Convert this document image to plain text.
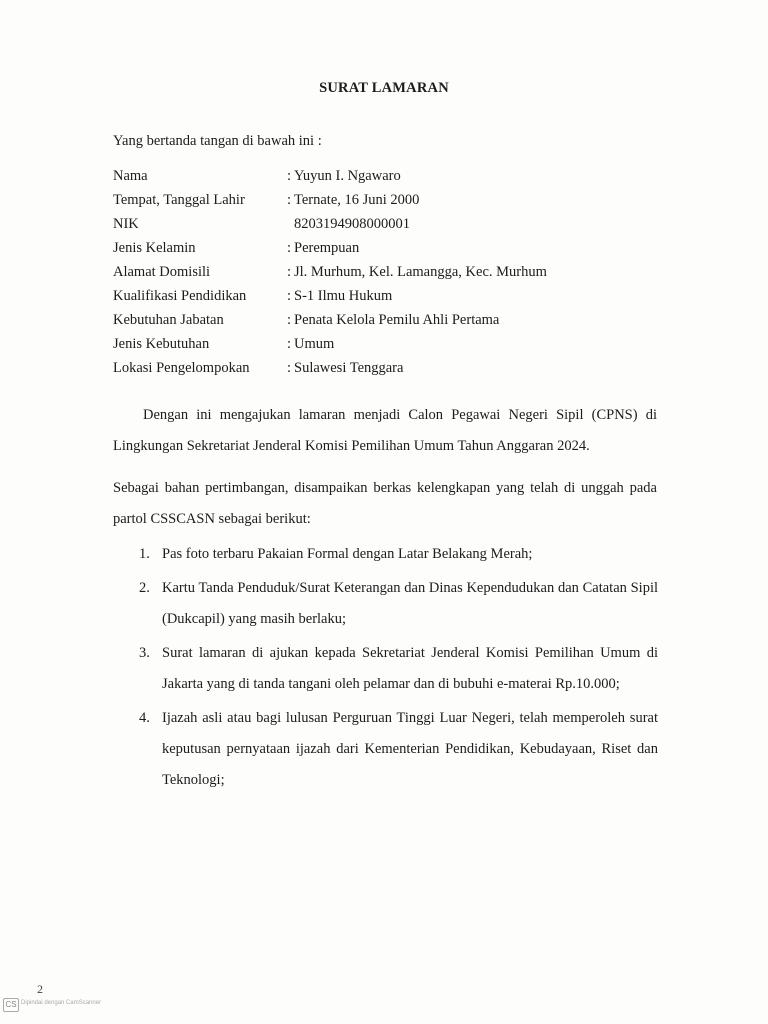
SURAT LAMARAN
Yang bertanda tangan di bawah ini :
Nama	: Yuyun I. Ngawaro
Tempat, Tanggal Lahir	: Ternate, 16 Juni 2000
NIK	8203194908000001
Jenis Kelamin	: Perempuan
Alamat Domisili	: Jl. Murhum, Kel. Lamangga, Kec. Murhum
Kualifikasi Pendidikan	: S-1 Ilmu Hukum
Kebutuhan Jabatan	: Penata Kelola Pemilu Ahli Pertama
Jenis Kebutuhan	: Umum
Lokasi Pengelompokan	: Sulawesi Tenggara
Dengan ini mengajukan lamaran menjadi Calon Pegawai Negeri Sipil (CPNS) di Lingkungan Sekretariat Jenderal Komisi Pemilihan Umum Tahun Anggaran 2024.
Sebagai bahan pertimbangan, disampaikan berkas kelengkapan yang telah di unggah pada partol CSSCASN sebagai berikut:
1. Pas foto terbaru Pakaian Formal dengan Latar Belakang Merah;
2. Kartu Tanda Penduduk/Surat Keterangan dan Dinas Kependudukan dan Catatan Sipil (Dukcapil) yang masih berlaku;
3. Surat lamaran di ajukan kepada Sekretariat Jenderal Komisi Pemilihan Umum di Jakarta yang di tanda tangani oleh pelamar dan di bubuhi e-materai Rp.10.000;
4. Ijazah asli atau bagi lulusan Perguruan Tinggi Luar Negeri, telah memperoleh surat keputusan pernyataan ijazah dari Kementerian Pendidikan, Kebudayaan, Riset dan Teknologi;
2
CS Dipindai dengan CamScanner
